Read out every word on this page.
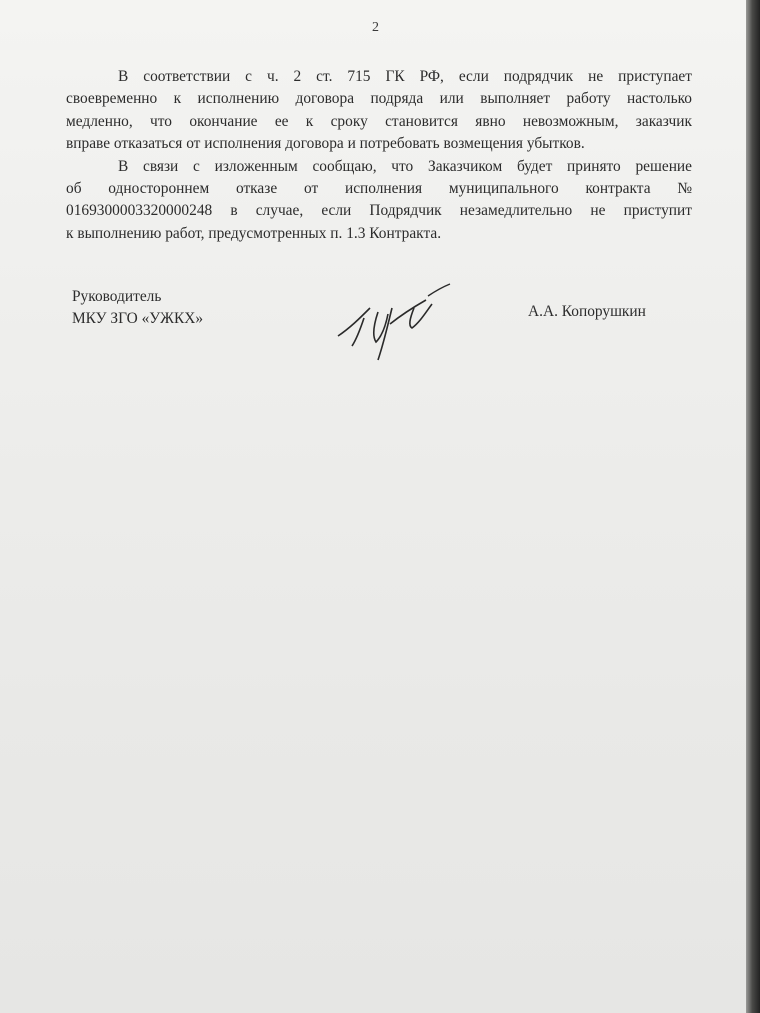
2
В соответствии с ч. 2 ст. 715 ГК РФ, если подрядчик не приступает
своевременно к исполнению договора подряда или выполняет работу настолько
медленно, что окончание ее к сроку становится явно невозможным, заказчик
вправе отказаться от исполнения договора и потребовать возмещения убытков.
В связи с изложенным сообщаю, что Заказчиком будет принято решение
об одностороннем отказе от исполнения муниципального контракта №
0169300003320000248 в случае, если Подрядчик незамедлительно не приступит
к выполнению работ, предусмотренных п. 1.3 Контракта.
Руководитель
МКУ ЗГО «УЖКХ»	А.А. Копорушкин
